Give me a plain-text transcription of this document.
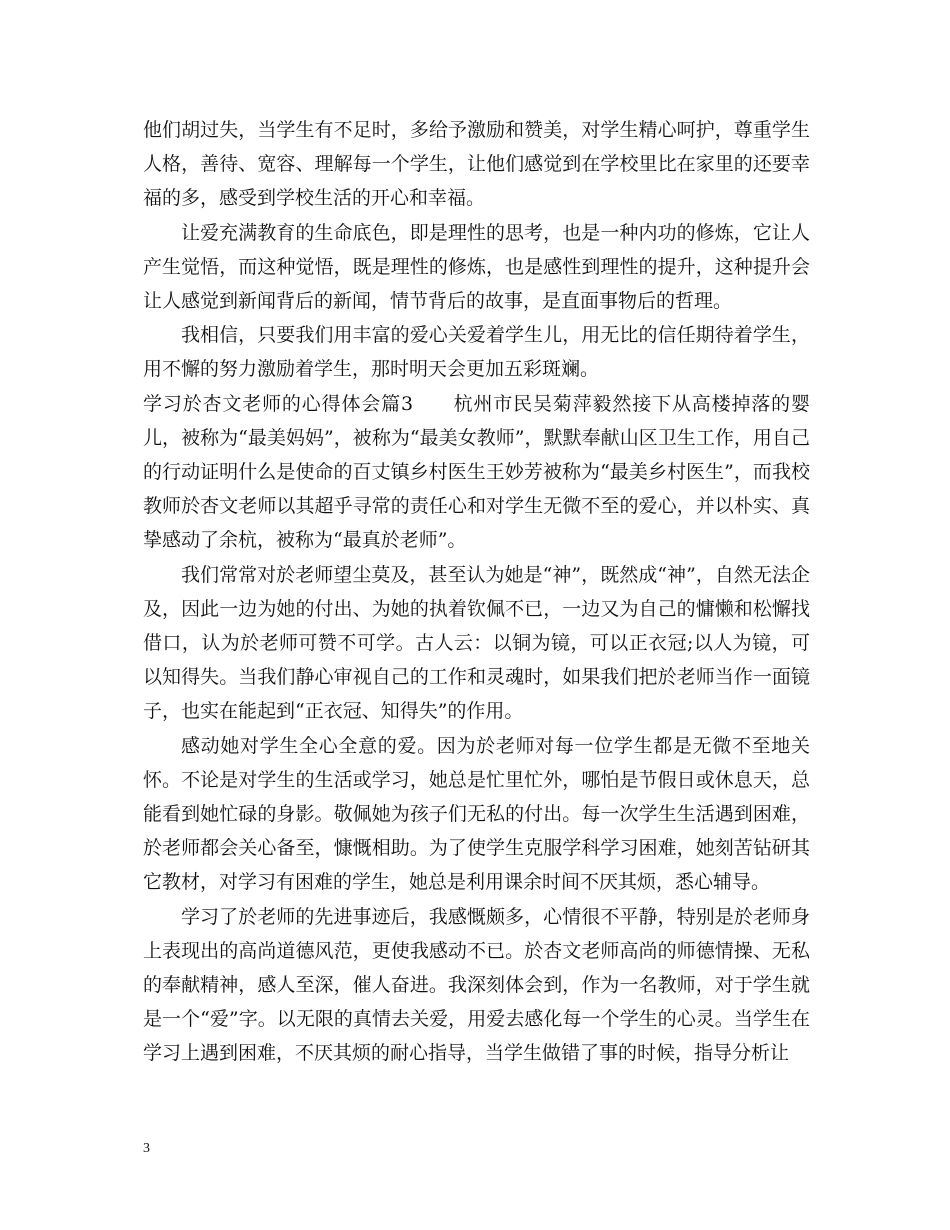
他们胡过失，当学生有不足时，多给予激励和赞美，对学生精心呵护，尊重学生人格，善待、宽容、理解每一个学生，让他们感觉到在学校里比在家里的还要幸福的多，感受到学校生活的开心和幸福。

让爱充满教育的生命底色，即是理性的思考，也是一种内功的修炼，它让人产生觉悟，而这种觉悟，既是理性的修炼，也是感性到理性的提升，这种提升会让人感觉到新闻背后的新闻，情节背后的故事，是直面事物后的哲理。

我相信，只要我们用丰富的爱心关爱着学生儿，用无比的信任期待着学生，用不懈的努力激励着学生，那时明天会更加五彩斑斓。

学习於杏文老师的心得体会篇3　　杭州市民吴菊萍毅然接下从高楼掉落的婴儿，被称为“最美妈妈”，被称为“最美女教师”，默默奉献山区卫生工作，用自己的行动证明什么是使命的百丈镇乡村医生王妙芳被称为“最美乡村医生”，而我校教师於杏文老师以其超乎寻常的责任心和对学生无微不至的爱心，并以朴实、真挚感动了余杭，被称为“最真於老师”。

我们常常对於老师望尘莫及，甚至认为她是“神”，既然成“神”，自然无法企及，因此一边为她的付出、为她的执着钦佩不已，一边又为自己的慵懒和松懈找借口，认为於老师可赞不可学。古人云：以铜为镜，可以正衣冠;以人为镜，可以知得失。当我们静心审视自己的工作和灵魂时，如果我们把於老师当作一面镜子，也实在能起到“正衣冠、知得失”的作用。

感动她对学生全心全意的爱。因为於老师对每一位学生都是无微不至地关怀。不论是对学生的生活或学习，她总是忙里忙外，哪怕是节假日或休息天，总能看到她忙碌的身影。敬佩她为孩子们无私的付出。每一次学生生活遇到困难，於老师都会关心备至，慷慨相助。为了使学生克服学科学习困难，她刻苦钻研其它教材，对学习有困难的学生，她总是利用课余时间不厌其烦，悉心辅导。

学习了於老师的先进事迹后，我感慨颇多，心情很不平静，特别是於老师身上表现出的高尚道德风范，更使我感动不已。於杏文老师高尚的师德情操、无私的奉献精神，感人至深，催人奋进。我深刻体会到，作为一名教师，对于学生就是一个“爱”字。以无限的真情去关爱，用爱去感化每一个学生的心灵。当学生在学习上遇到困难，不厌其烦的耐心指导，当学生做错了事的时候，指导分析让

3
